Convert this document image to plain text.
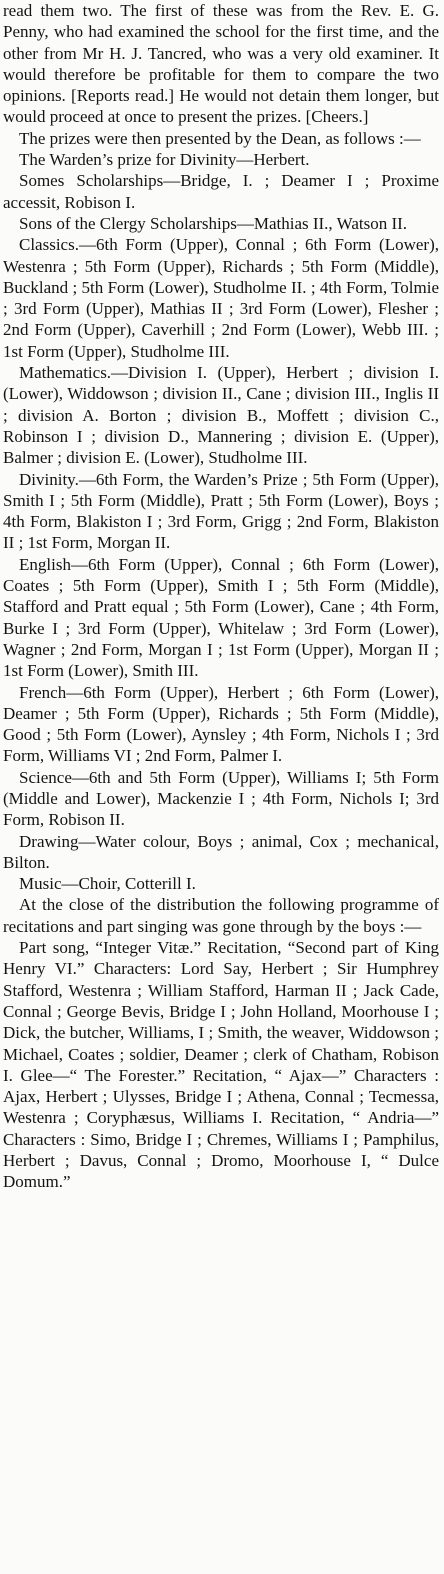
read them two. The first of these was from the Rev. E. G. Penny, who had examined the school for the first time, and the other from Mr H. J. Tancred, who was a very old examiner. It would therefore be profitable for them to compare the two opinions. [Reports read.] He would not detain them longer, but would proceed at once to present the prizes. [Cheers.]

The prizes were then presented by the Dean, as follows :—

The Warden’s prize for Divinity—Herbert.

Somes Scholarships—Bridge, I. ; Deamer I ; Proxime accessit, Robison I.

Sons of the Clergy Scholarships—Mathias II., Watson II.

Classics.—6th Form (Upper), Connal ; 6th Form (Lower), Westenra ; 5th Form (Upper), Richards ; 5th Form (Middle), Buckland ; 5th Form (Lower), Studholme II. ; 4th Form, Tolmie ; 3rd Form (Upper), Mathias II ; 3rd Form (Lower), Flesher ; 2nd Form (Upper), Caverhill ; 2nd Form (Lower), Webb III. ; 1st Form (Upper), Studholme III.

Mathematics.—Division I. (Upper), Herbert ; division I. (Lower), Widdowson ; division II., Cane ; division III., Inglis II ; division A. Borton ; division B., Moffett ; division C., Robinson I ; division D., Mannering ; division E. (Upper), Balmer ; division E. (Lower), Studholme III.

Divinity.—6th Form, the Warden’s Prize ; 5th Form (Upper), Smith I ; 5th Form (Middle), Pratt ; 5th Form (Lower), Boys ; 4th Form, Blakiston I ; 3rd Form, Grigg ; 2nd Form, Blakiston II ; 1st Form, Morgan II.

English—6th Form (Upper), Connal ; 6th Form (Lower), Coates ; 5th Form (Upper), Smith I ; 5th Form (Middle), Stafford and Pratt equal ; 5th Form (Lower), Cane ; 4th Form, Burke I ; 3rd Form (Upper), Whitelaw ; 3rd Form (Lower), Wagner ; 2nd Form, Morgan I ; 1st Form (Upper), Morgan II ; 1st Form (Lower), Smith III.

French—6th Form (Upper), Herbert ; 6th Form (Lower), Deamer ; 5th Form (Upper), Richards ; 5th Form (Middle), Good ; 5th Form (Lower), Aynsley ; 4th Form, Nichols I ; 3rd Form, Williams VI ; 2nd Form, Palmer I.

Science—6th and 5th Form (Upper), Williams I; 5th Form (Middle and Lower), Mackenzie I ; 4th Form, Nichols I; 3rd Form, Robison II.

Drawing—Water colour, Boys ; animal, Cox ; mechanical, Bilton.

Music—Choir, Cotterill I.

At the close of the distribution the following programme of recitations and part singing was gone through by the boys :—

Part song, “Integer Vitæ.” Recitation, “Second part of King Henry VI.” Characters: Lord Say, Herbert ; Sir Humphrey Stafford, Westenra ; William Stafford, Harman II ; Jack Cade, Connal ; George Bevis, Bridge I ; John Holland, Moorhouse I ; Dick, the butcher, Williams, I ; Smith, the weaver, Widdowson ; Michael, Coates ; soldier, Deamer ; clerk of Chatham, Robison I. Glee—“ The Forester.” Recitation, “ Ajax—” Characters : Ajax, Herbert ; Ulysses, Bridge I ; Athena, Connal ; Tecmessa, Westenra ; Coryphæsus, Williams I. Recitation, “ Andria—” Characters : Simo, Bridge I ; Chremes, Williams I ; Pamphilus, Herbert ; Davus, Connal ; Dromo, Moorhouse I, “ Dulce Domum.”
